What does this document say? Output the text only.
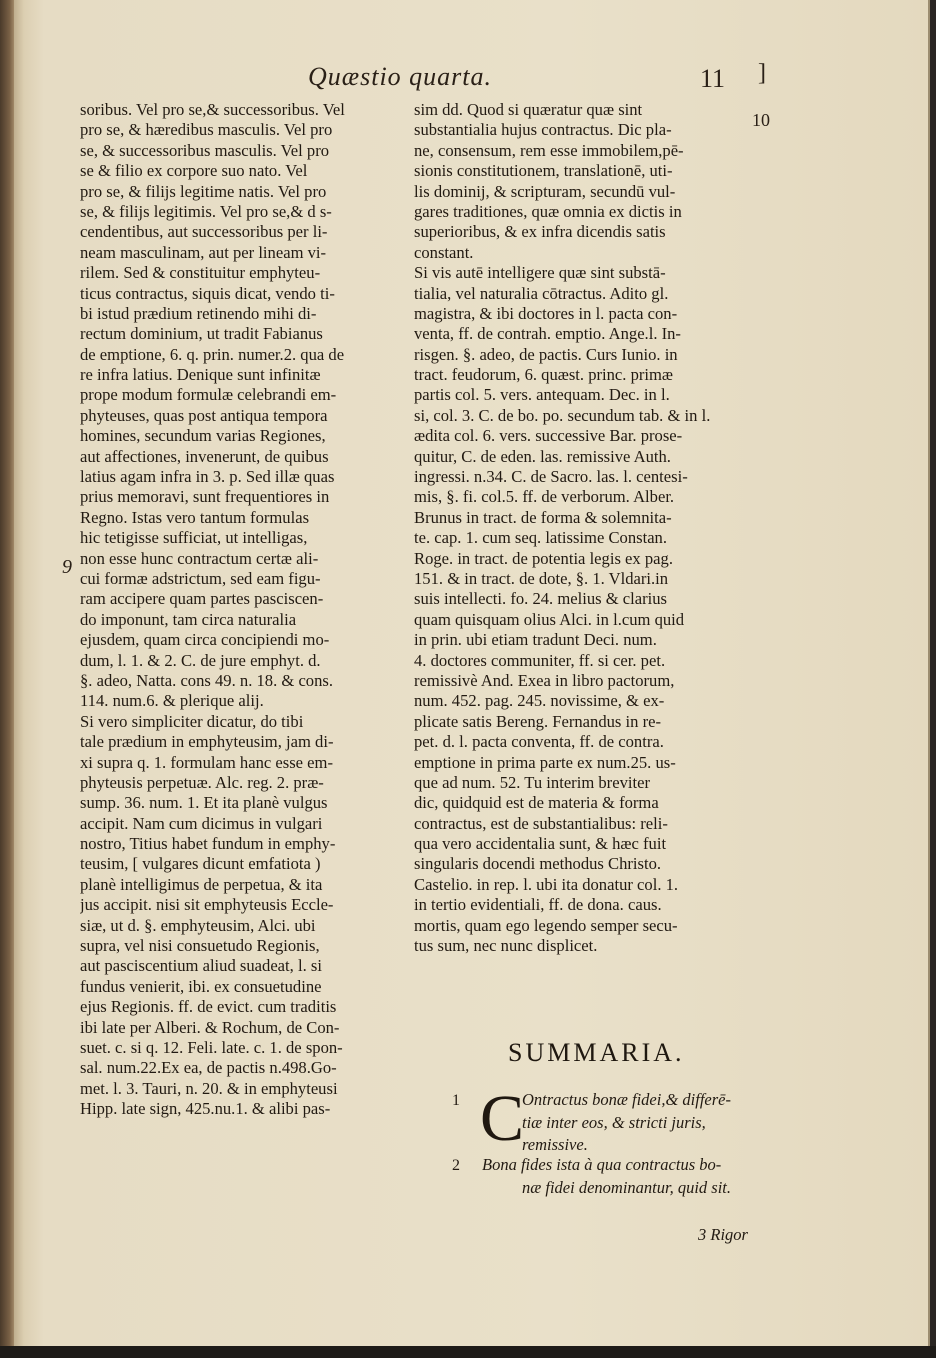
Quæstio quarta.	11 ]
10
9
soribus. Vel pro se,& successoribus. Vel
pro se, & hæredibus masculis. Vel pro
se, & successoribus masculis. Vel pro
se & filio ex corpore suo nato. Vel
pro se, & filijs legitime natis. Vel pro
se, & filijs legitimis. Vel pro se,& d s-
cendentibus, aut successoribus per li-
neam masculinam, aut per lineam vi-
rilem. Sed & constituitur emphyteu-
ticus contractus, siquis dicat, vendo ti-
bi istud prædium retinendo mihi di-
rectum dominium, ut tradit Fabianus
de emptione, 6. q. prin. numer.2. qua de
re infra latius. Denique sunt infinitæ
prope modum formulæ celebrandi em-
phyteuses, quas post antiqua tempora
homines, secundum varias Regiones,
aut affectiones, invenerunt, de quibus
latius agam infra in 3. p. Sed illæ quas
prius memoravi, sunt frequentiores in
Regno. Istas vero tantum formulas
hic tetigisse sufficiat, ut intelligas,
non esse hunc contractum certæ ali-
cui formæ adstrictum, sed eam figu-
ram accipere quam partes pasciscen-
do imponunt, tam circa naturalia
ejusdem, quam circa concipiendi mo-
dum, l. 1. & 2. C. de jure emphyt. d.
§. adeo, Natta. cons 49. n. 18. & cons.
114. num.6. & plerique alij.
Si vero simpliciter dicatur, do tibi
tale prædium in emphyteusim, jam di-
xi supra q. 1. formulam hanc esse em-
phyteusis perpetuæ. Alc. reg. 2. præ-
sump. 36. num. 1. Et ita planè vulgus
accipit. Nam cum dicimus in vulgari
nostro, Titius habet fundum in emphy-
teusim, [ vulgares dicunt emfatiota )
planè intelligimus de perpetua, & ita
jus accipit. nisi sit emphyteusis Eccle-
siæ, ut d. §. emphyteusim, Alci. ubi
supra, vel nisi consuetudo Regionis,
aut pasciscentium aliud suadeat, l. si
fundus venierit, ibi. ex consuetudine
ejus Regionis. ff. de evict. cum traditis
ibi late per Alberi. & Rochum, de Con-
suet. c. si q. 12. Feli. late. c. 1. de spon-
sal. num.22.Ex ea, de pactis n.498.Go-
met. l. 3. Tauri, n. 20. & in emphyteusi
Hipp. late sign, 425.nu.1. & alibi pas-
sim dd. Quod si quæratur quæ sint
substantialia hujus contractus. Dic pla-
ne, consensum, rem esse immobilem,pē-
sionis constitutionem, translationē, uti-
lis dominij, & scripturam, secundū vul-
gares traditiones, quæ omnia ex dictis in
superioribus, & ex infra dicendis satis
constant.
Si vis autē intelligere quæ sint substā-
tialia, vel naturalia cōtractus. Adito gl.
magistra, & ibi doctores in l. pacta con-
venta, ff. de contrah. emptio. Ange.l. In-
risgen. §. adeo, de pactis. Curs Iunio. in
tract. feudorum, 6. quæst. princ. primæ
partis col. 5. vers. antequam. Dec. in l.
si, col. 3. C. de bo. po. secundum tab. & in l.
ædita col. 6. vers. successive Bar. prose-
quitur, C. de eden. las. remissive Auth.
ingressi. n.34. C. de Sacro. las. l. centesi-
mis, §. fi. col.5. ff. de verborum. Alber.
Brunus in tract. de forma & solemnita-
te. cap. 1. cum seq. latissime Constan.
Roge. in tract. de potentia legis ex pag.
151. & in tract. de dote, §. 1. Vldari.in
suis intellecti. fo. 24. melius & clarius
quam quisquam olius Alci. in l.cum quid
in prin. ubi etiam tradunt Deci. num.
4. doctores communiter, ff. si cer. pet.
remissivè And. Exea in libro pactorum,
num. 452. pag. 245. novissime, & ex-
plicate satis Bereng. Fernandus in re-
pet. d. l. pacta conventa, ff. de contra.
emptione in prima parte ex num.25. us-
que ad num. 52. Tu interim breviter
dic, quidquid est de materia & forma
contractus, est de substantialibus: reli-
qua vero accidentalia sunt, & hæc fuit
singularis docendi methodus Christo.
Castelio. in rep. l. ubi ita donatur col. 1.
in tertio evidentiali, ff. de dona. caus.
mortis, quam ego legendo semper secu-
tus sum, nec nunc displicet.
SUMMARIA.
C
1	Ontractus bonæ fidei,& differē-
tiæ inter eos, & stricti juris,
remissive.
2 Bona fides ista à qua contractus bo-
næ fidei denominantur, quid sit.
3 Rigor
